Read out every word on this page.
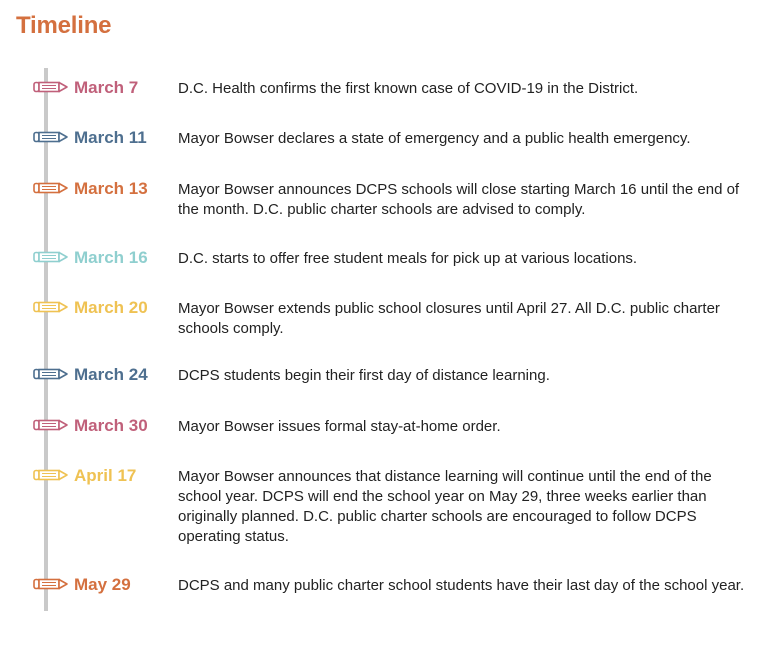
Timeline
March 7	D.C. Health confirms the first known case of COVID-19 in the District.

March 11 Mayor Bowser declares a state of emergency and a public health emergency.

March 13 Mayor Bowser announces DCPS schools will close starting March 16 until the end of the month. D.C. public charter schools are advised to comply.

March 16 D.C. starts to offer free student meals for pick up at various locations.

March 20 Mayor Bowser extends public school closures until April 27. All D.C. public charter schools comply.

March 24 DCPS students begin their first day of distance learning.

March 30 Mayor Bowser issues formal stay-at-home order.

April 17	Mayor Bowser announces that distance learning will continue until the end of the school year. DCPS will end the school year on May 29, three weeks earlier than originally planned. D.C. public charter schools are encouraged to follow DCPS operating status.

May 29	DCPS and many public charter school students have their last day of the school year.
